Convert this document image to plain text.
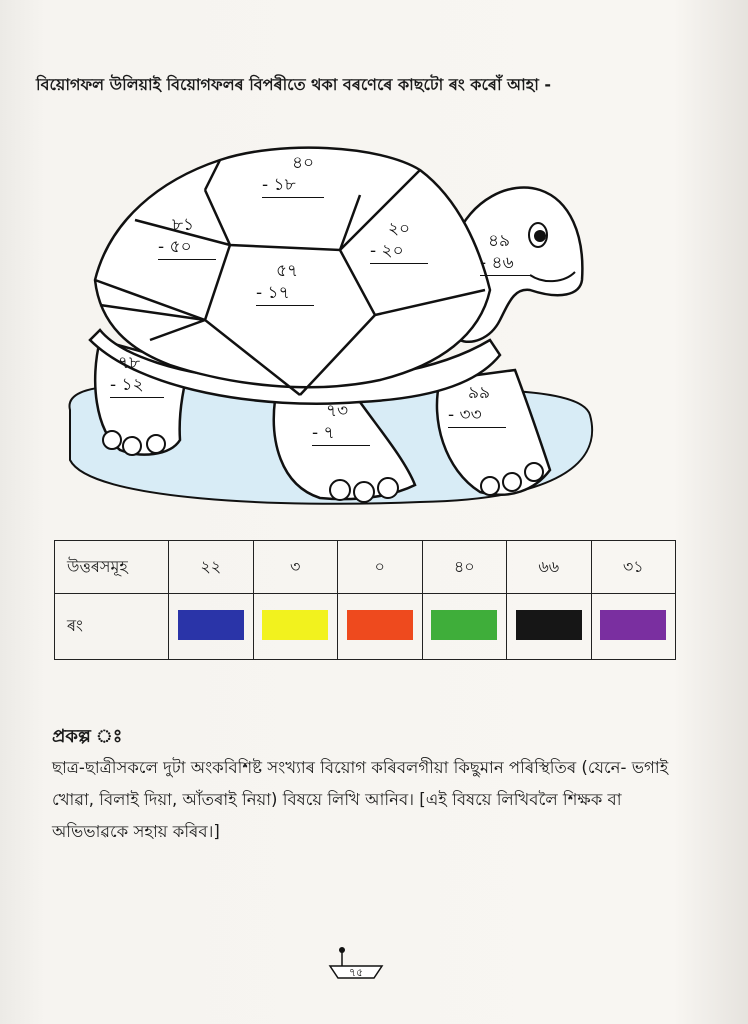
বিয়োগফল উলিয়াই বিয়োগফলৰ বিপৰীতে থকা বৰণেৰে কাছটো ৰং কৰোঁ আহা -
৪০
- ১৮
৮১
- ৫০
২০
- ২০
৫৭
- ১৭
৪৯
- ৪৬
৭৮
- ১২	৯৯
- ৩৩
৭৩
- ৭
উত্তৰসমূহ	২২	৩	০	৪০	৬৬	৩১
ৰং						
প্ৰকল্প ঃ
ছাত্ৰ-ছাত্ৰীসকলে দুটা অংকবিশিষ্ট সংখ্যাৰ বিয়োগ কৰিবলগীয়া কিছুমান পৰিস্থিতিৰ (যেনে- ভগাই খোৱা, বিলাই দিয়া, আঁতৰাই নিয়া) বিষয়ে লিখি আনিব। [এই বিষয়ে লিখিবলৈ শিক্ষক বা অভিভাৱকে সহায় কৰিব।]
৭৫
